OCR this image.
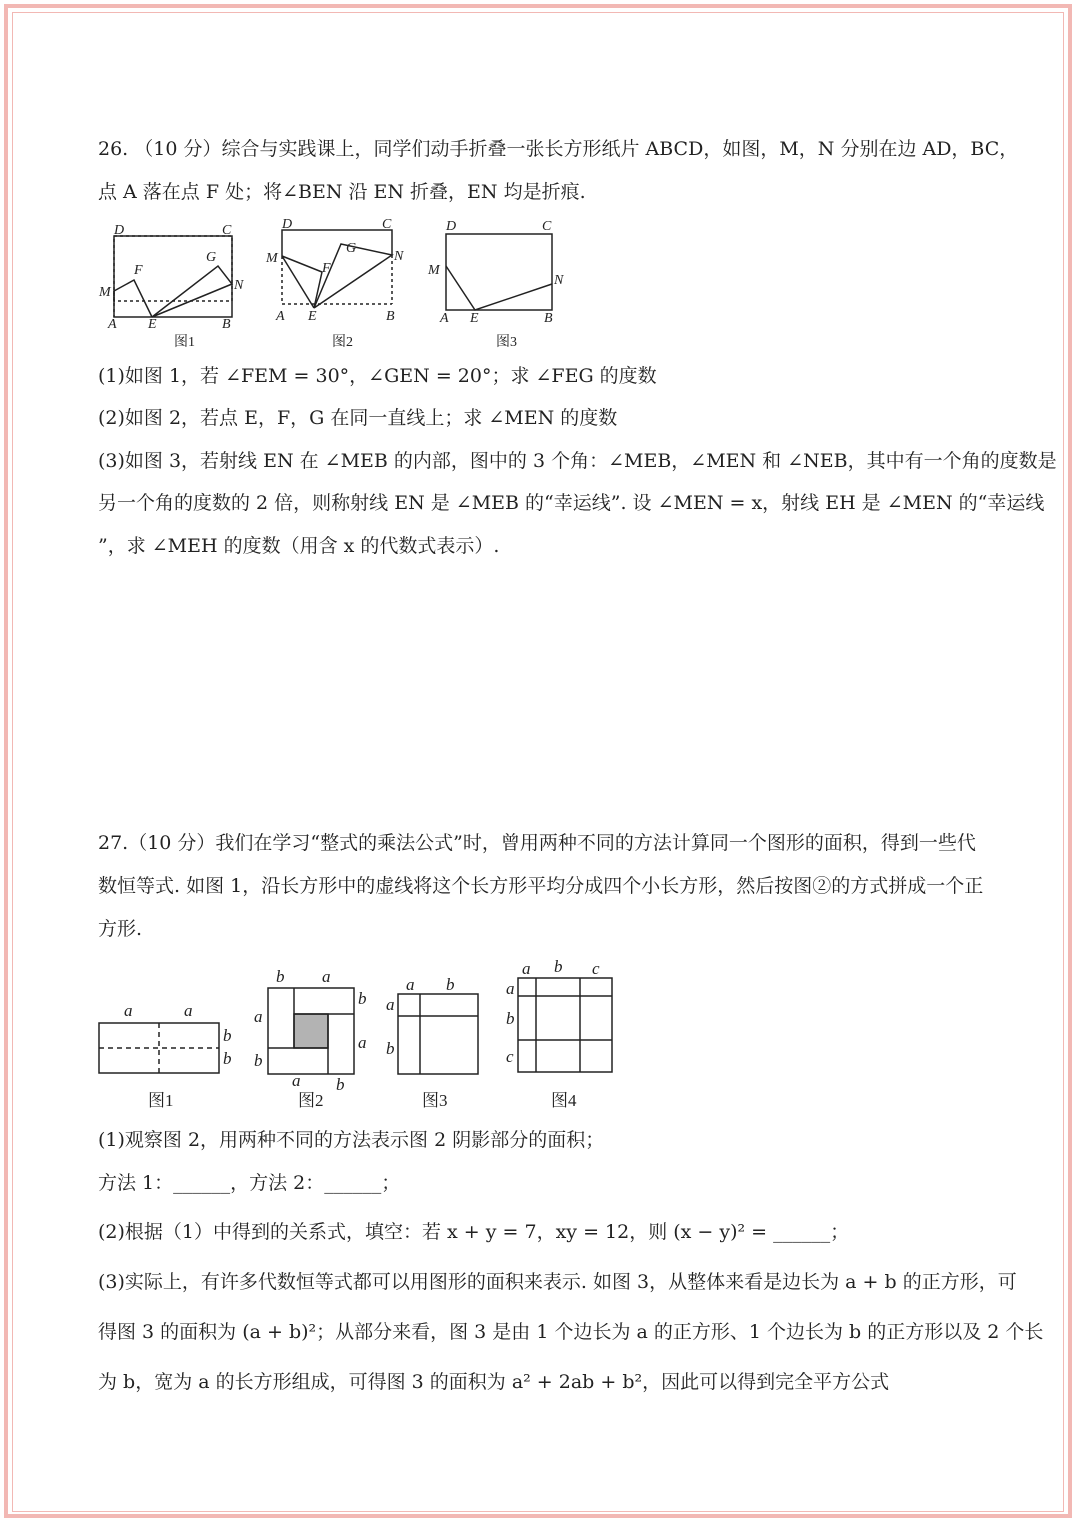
26. （10 分）综合与实践课上，同学们动手折叠一张长方形纸片 ABCD，如图，M，N 分别在边 AD，BC，
点 A 落在点 F 处；将∠BEN 沿 EN 折叠，EN 均是折痕.
D	C
M
F
G
N
A E	B
图1
D	C
M
F
G
N
A E	B
图2
D	C
M
N
A E	B
图3
(1)如图 1，若 ∠FEM = 30°，∠GEN = 20°；求 ∠FEG 的度数
(2)如图 2，若点 E，F，G 在同一直线上；求 ∠MEN 的度数
(3)如图 3，若射线 EN 在 ∠MEB 的内部，图中的 3 个角：∠MEB，∠MEN 和 ∠NEB，其中有一个角的度数是
另一个角的度数的 2 倍，则称射线 EN 是 ∠MEB 的“幸运线”. 设 ∠MEN = x，射线 EH 是 ∠MEN 的“幸运线
”，求 ∠MEH 的度数（用含 x 的代数式表示）.
27.（10 分）我们在学习“整式的乘法公式”时，曾用两种不同的方法计算同一个图形的面积，得到一些代
数恒等式. 如图 1，沿长方形中的虚线将这个长方形平均分成四个小长方形，然后按图②的方式拼成一个正
方形.
a	a
b
b
图1
b a
b
a
a
b
a b
图2
a b
a
b
图3
a b c
a
b
c
图4
(1)观察图 2，用两种不同的方法表示图 2 阴影部分的面积；
方法 1：______，方法 2：______；
(2)根据（1）中得到的关系式，填空：若 x + y = 7，xy = 12，则 (x − y)² = ______；
(3)实际上，有许多代数恒等式都可以用图形的面积来表示. 如图 3，从整体来看是边长为 a + b 的正方形，可
得图 3 的面积为 (a + b)²；从部分来看，图 3 是由 1 个边长为 a 的正方形、1 个边长为 b 的正方形以及 2 个长
为 b，宽为 a 的长方形组成，可得图 3 的面积为 a² + 2ab + b²，因此可以得到完全平方公式
